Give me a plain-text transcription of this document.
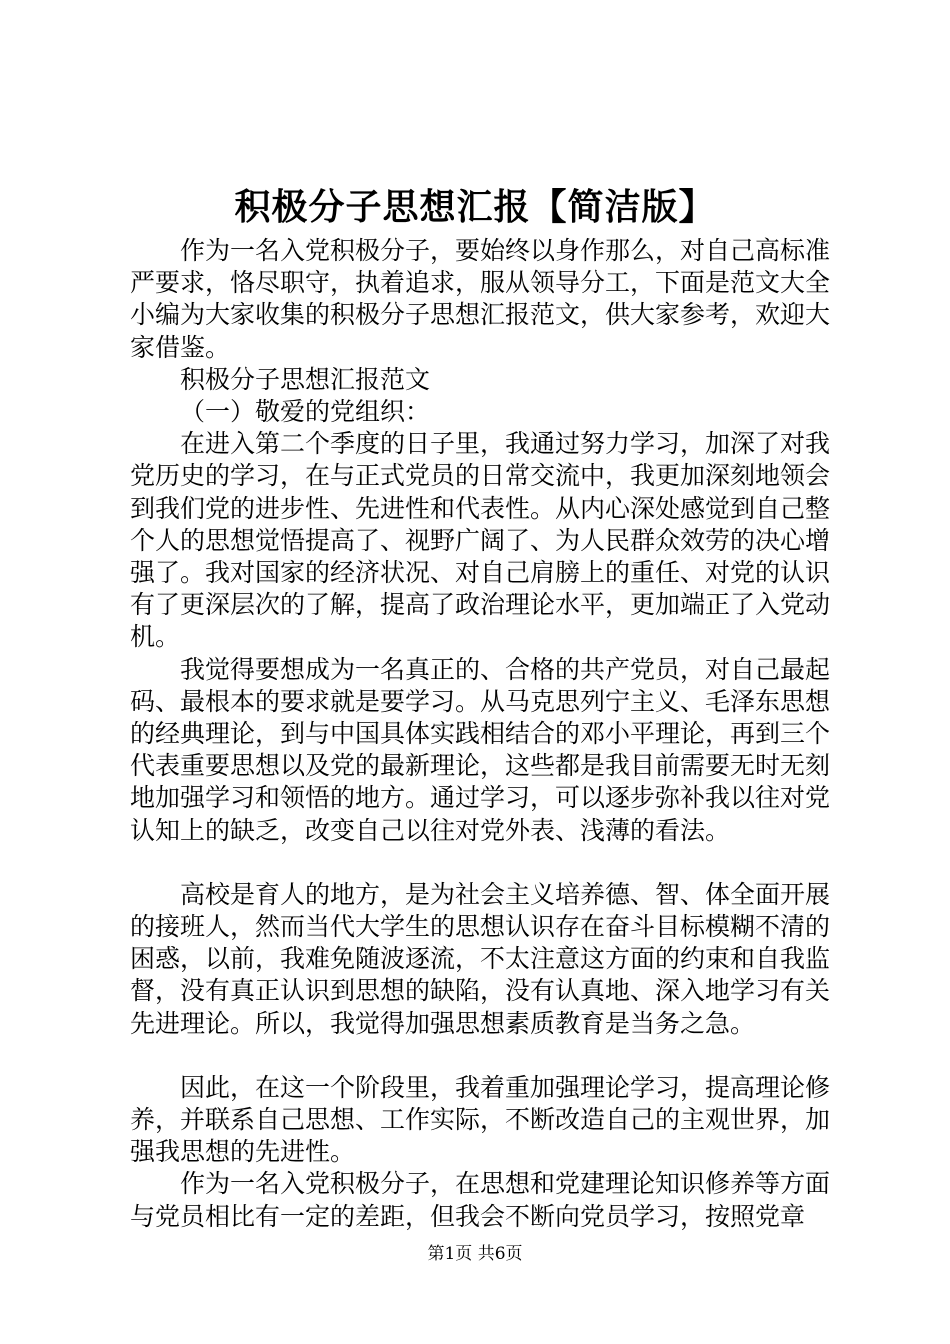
积极分子思想汇报【简洁版】

作为一名入党积极分子，要始终以身作那么，对自己高标准严要求，恪尽职守，执着追求，服从领导分工，下面是范文大全小编为大家收集的积极分子思想汇报范文，供大家参考，欢迎大家借鉴。

积极分子思想汇报范文

（一）敬爱的党组织：

在进入第二个季度的日子里，我通过努力学习，加深了对我党历史的学习，在与正式党员的日常交流中，我更加深刻地领会到我们党的进步性、先进性和代表性。从内心深处感觉到自己整个人的思想觉悟提高了、视野广阔了、为人民群众效劳的决心增强了。我对国家的经济状况、对自己肩膀上的重任、对党的认识有了更深层次的了解，提高了政治理论水平，更加端正了入党动机。

我觉得要想成为一名真正的、合格的共产党员，对自己最起码、最根本的要求就是要学习。从马克思列宁主义、毛泽东思想的经典理论，到与中国具体实践相结合的邓小平理论，再到三个代表重要思想以及党的最新理论，这些都是我目前需要无时无刻地加强学习和领悟的地方。通过学习，可以逐步弥补我以往对党认知上的缺乏，改变自己以往对党外表、浅薄的看法。

高校是育人的地方，是为社会主义培养德、智、体全面开展的接班人，然而当代大学生的思想认识存在奋斗目标模糊不清的困惑，以前，我难免随波逐流，不太注意这方面的约束和自我监督，没有真正认识到思想的缺陷，没有认真地、深入地学习有关先进理论。所以，我觉得加强思想素质教育是当务之急。

因此，在这一个阶段里，我着重加强理论学习，提高理论修养，并联系自己思想、工作实际，不断改造自己的主观世界，加强我思想的先进性。

作为一名入党积极分子，在思想和党建理论知识修养等方面与党员相比有一定的差距，但我会不断向党员学习，按照党章

第1页 共6页
